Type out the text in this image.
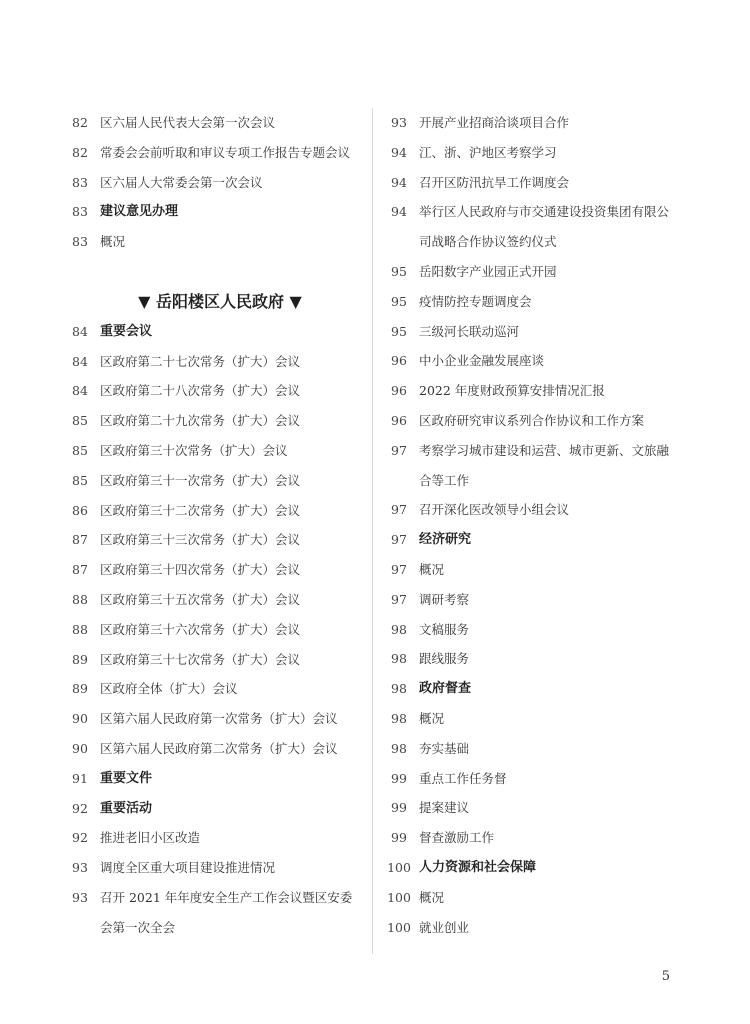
82 区六届人民代表大会第一次会议
82 常委会会前听取和审议专项工作报告专题会议
83 区六届人大常委会第一次会议
83 建议意见办理
83 概况
▼ 岳阳楼区人民政府 ▼
84 重要会议
84 区政府第二十七次常务（扩大）会议
84 区政府第二十八次常务（扩大）会议
85 区政府第二十九次常务（扩大）会议
85 区政府第三十次常务（扩大）会议
85 区政府第三十一次常务（扩大）会议
86 区政府第三十二次常务（扩大）会议
87 区政府第三十三次常务（扩大）会议
87 区政府第三十四次常务（扩大）会议
88 区政府第三十五次常务（扩大）会议
88 区政府第三十六次常务（扩大）会议
89 区政府第三十七次常务（扩大）会议
89 区政府全体（扩大）会议
90 区第六届人民政府第一次常务（扩大）会议
90 区第六届人民政府第二次常务（扩大）会议
91 重要文件
92 重要活动
92 推进老旧小区改造
93 调度全区重大项目建设推进情况
93 召开 2021 年年度安全生产工作会议暨区安委
会第一次全会
93 开展产业招商洽谈项目合作
94 江、浙、沪地区考察学习
94 召开区防汛抗旱工作调度会
94 举行区人民政府与市交通建设投资集团有限公
司战略合作协议签约仪式
95 岳阳数字产业园正式开园
95 疫情防控专题调度会
95 三级河长联动巡河
96 中小企业金融发展座谈
96 2022 年度财政预算安排情况汇报
96 区政府研究审议系列合作协议和工作方案
97 考察学习城市建设和运营、城市更新、文旅融
合等工作
97 召开深化医改领导小组会议
97 经济研究
97 概况
97 调研考察
98 文稿服务
98 跟线服务
98 政府督查
98 概况
98 夯实基础
99 重点工作任务督
99 提案建议
99 督查激励工作
100 人力资源和社会保障
100 概况
100 就业创业
5
